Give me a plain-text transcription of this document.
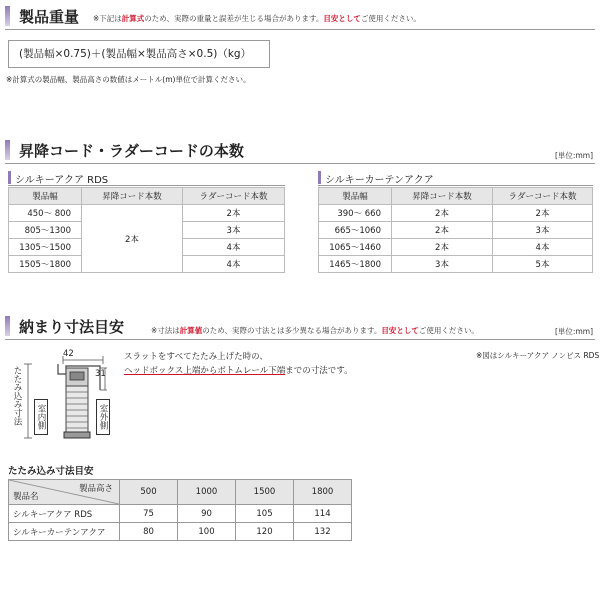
製品重量 ※下記は計算式のため、実際の重量と誤差が生じる場合があります。目安としてご使用ください。
(製品幅×0.75)＋(製品幅×製品高さ×0.5)（kg）
※計算式の製品幅、製品高さの数値はメートル(m)単位で計算ください。
昇降コード・ラダーコードの本数	[単位:mm]
シルキーアクア RDS
製品幅	昇降コード本数	ラダーコード本数
450～ 800	2本	2本
805～1300		3本
1305～1500		4本
1505～1800		4本
シルキーカーテンアクア
製品幅	昇降コード本数	ラダーコード本数
390～ 660	2本	2本
665～1060	2本	3本
1065～1460	2本	4本
1465～1800	3本	5本
納まり寸法目安	※寸法は計算値のため、実際の寸法とは多少異なる場合があります。目安としてご使用ください。	[単位:mm]
42
31
たたみ込み寸法 室内側	室外側
スラットをすべてたたみ上げた時の、
ヘッドボックス上端からボトムレール下端までの寸法です。
※図はシルキーアクア ノンビス RDS
たたみ込み寸法目安
製品高さ
製品名	500	1000	1500	1800
シルキーアクア RDS	75	90	105	114
シルキーカーテンアクア	80	100	120	132
